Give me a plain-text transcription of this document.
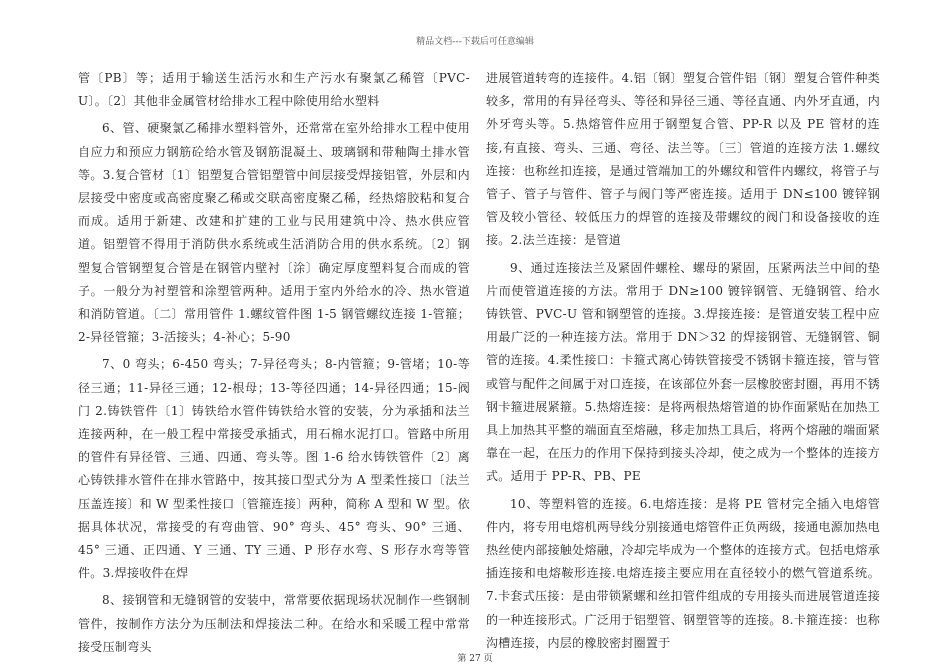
精品文档---下载后可任意编辑

管〔PB〕等；适用于输送生活污水和生产污水有聚氯乙稀管〔PVC-U〕。〔2〕其他非金属管材给排水工程中除使用给水塑料

6、管、硬聚氯乙稀排水塑料管外，还常常在室外给排水工程中使用自应力和预应力钢筋砼给水管及钢筋混凝土、玻璃钢和带釉陶土排水管等。3.复合管材〔1〕铝塑复合管铝塑管中间层接受焊接铝管，外层和内层接受中密度或高密度聚乙稀或交联高密度聚乙稀，经热熔胶粘和复合而成。适用于新建、改建和扩建的工业与民用建筑中冷、热水供应管道。铝塑管不得用于消防供水系统或生活消防合用的供水系统。〔2〕钢塑复合管钢塑复合管是在钢管内壁衬〔涂〕确定厚度塑料复合而成的管子。一般分为衬塑管和涂塑管两种。适用于室内外给水的冷、热水管道和消防管道。〔二〕常用管件 1.螺纹管件图 1-5 钢管螺纹连接 1-管箍；2-异径管箍；3-活接头；4-补心；5-90

7、0 弯头；6-450 弯头；7-异径弯头；8-内管箍；9-管堵；10-等径三通；11-异径三通；12-根母；13-等径四通；14-异径四通；15-阀门 2.铸铁管件〔1〕铸铁给水管件铸铁给水管的安装，分为承插和法兰连接两种，在一般工程中常接受承插式，用石棉水泥打口。管路中所用的管件有异径管、三通、四通、弯头等。图 1-6 给水铸铁管件〔2〕离心铸铁排水管件在排水管路中，按其接口型式分为 A 型柔性接口〔法兰压盖连接〕和 W 型柔性接口〔管箍连接〕两种，简称 A 型和 W 型。依据具体状况，常接受的有弯曲管、90° 弯头、45° 弯头、90° 三通、45° 三通、正四通、Y 三通、TY 三通、P 形存水弯、S 形存水弯等管件。3.焊接收件在焊

8、接钢管和无缝钢管的安装中，常常要依据现场状况制作一些钢制管件，按制作方法分为压制法和焊接法二种。在给水和采暖工程中常常接受压制弯头

进展管道转弯的连接件。4.铝〔钢〕塑复合管件铝〔钢〕塑复合管件种类较多，常用的有异径弯头、等径和异径三通、等径直通、内外牙直通，内外牙弯头等。5.热熔管件应用于钢塑复合管、PP-R 以及 PE 管材的连接,有直接、弯头、三通、弯径、法兰等。〔三〕管道的连接方法 1.螺纹连接：也称丝扣连接，是通过管端加工的外螺纹和管件内螺纹，将管子与管子、管子与管件、管子与阀门等严密连接。适用于 DN≤100 镀锌钢管及较小管径、较低压力的焊管的连接及带螺纹的阀门和设备接收的连接。2.法兰连接：是管道

9、通过连接法兰及紧固件螺栓、螺母的紧固，压紧两法兰中间的垫片而使管道连接的方法。常用于 DN≥100 镀锌钢管、无缝钢管、给水铸铁管、PVC-U 管和钢塑管的连接。3.焊接连接：是管道安装工程中应用最广泛的一种连接方法。常用于 DN＞32 的焊接钢管、无缝钢管、铜管的连接。4.柔性接口：卡箍式离心铸铁管接受不锈钢卡箍连接，管与管或管与配件之间属于对口连接，在该部位外套一层橡胶密封圈，再用不锈钢卡箍进展紧箍。5.热熔连接：是将两根热熔管道的协作面紧贴在加热工具上加热其平整的端面直至熔融，移走加热工具后，将两个熔融的端面紧靠在一起，在压力的作用下保持到接头冷却，使之成为一个整体的连接方式。适用于 PP-R、PB、PE

10、等塑料管的连接。6.电熔连接：是将 PE 管材完全插入电熔管件内，将专用电熔机两导线分别接通电熔管件正负两级，接通电源加热电热丝使内部接触处熔融，冷却完毕成为一个整体的连接方式。包括电熔承插连接和电熔鞍形连接.电熔连接主要应用在直径较小的燃气管道系统。7.卡套式压接：是由带锁紧螺和丝扣管件组成的专用接头而进展管道连接的一种连接形式。广泛用于铝塑管、钢塑管等的连接。8.卡箍连接：也称沟槽连接，内层的橡胶密封圈置于

第 27 页
